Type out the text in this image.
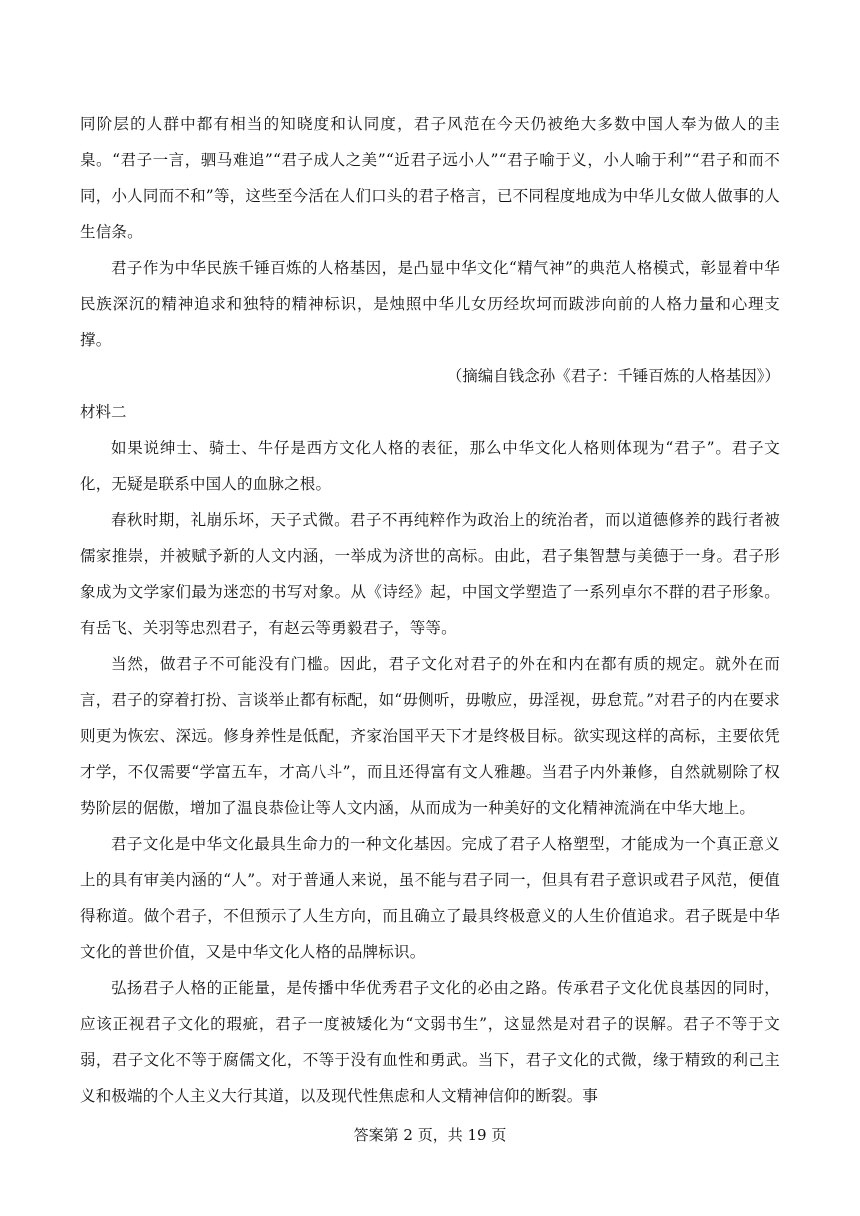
同阶层的人群中都有相当的知晓度和认同度，君子风范在今天仍被绝大多数中国人奉为做人的圭臬。“君子一言，驷马难追”“君子成人之美”“近君子远小人”“君子喻于义，小人喻于利”“君子和而不同，小人同而不和”等，这些至今活在人们口头的君子格言，已不同程度地成为中华儿女做人做事的人生信条。

君子作为中华民族千锤百炼的人格基因，是凸显中华文化“精气神”的典范人格模式，彰显着中华民族深沉的精神追求和独特的精神标识，是烛照中华儿女历经坎坷而跋涉向前的人格力量和心理支撑。

（摘编自钱念孙《君子：千锤百炼的人格基因》）

材料二

如果说绅士、骑士、牛仔是西方文化人格的表征，那么中华文化人格则体现为“君子”。君子文化，无疑是联系中国人的血脉之根。

春秋时期，礼崩乐坏，天子式微。君子不再纯粹作为政治上的统治者，而以道德修养的践行者被儒家推崇，并被赋予新的人文内涵，一举成为济世的高标。由此，君子集智慧与美德于一身。君子形象成为文学家们最为迷恋的书写对象。从《诗经》起，中国文学塑造了一系列卓尔不群的君子形象。有岳飞、关羽等忠烈君子，有赵云等勇毅君子，等等。

当然，做君子不可能没有门槛。因此，君子文化对君子的外在和内在都有质的规定。就外在而言，君子的穿着打扮、言谈举止都有标配，如“毋侧听，毋嗷应，毋淫视，毋怠荒。”对君子的内在要求则更为恢宏、深远。修身养性是低配，齐家治国平天下才是终极目标。欲实现这样的高标，主要依凭才学，不仅需要“学富五车，才高八斗”，而且还得富有文人雅趣。当君子内外兼修，自然就剔除了权势阶层的倨傲，增加了温良恭俭让等人文内涵，从而成为一种美好的文化精神流淌在中华大地上。

君子文化是中华文化最具生命力的一种文化基因。完成了君子人格塑型，才能成为一个真正意义上的具有审美内涵的“人”。对于普通人来说，虽不能与君子同一，但具有君子意识或君子风范，便值得称道。做个君子，不但预示了人生方向，而且确立了最具终极意义的人生价值追求。君子既是中华文化的普世价值，又是中华文化人格的品牌标识。

弘扬君子人格的正能量，是传播中华优秀君子文化的必由之路。传承君子文化优良基因的同时，应该正视君子文化的瑕疵，君子一度被矮化为“文弱书生”，这显然是对君子的误解。君子不等于文弱，君子文化不等于腐儒文化，不等于没有血性和勇武。当下，君子文化的式微，缘于精致的利己主义和极端的个人主义大行其道，以及现代性焦虑和人文精神信仰的断裂。事

答案第 2 页，共 19 页
